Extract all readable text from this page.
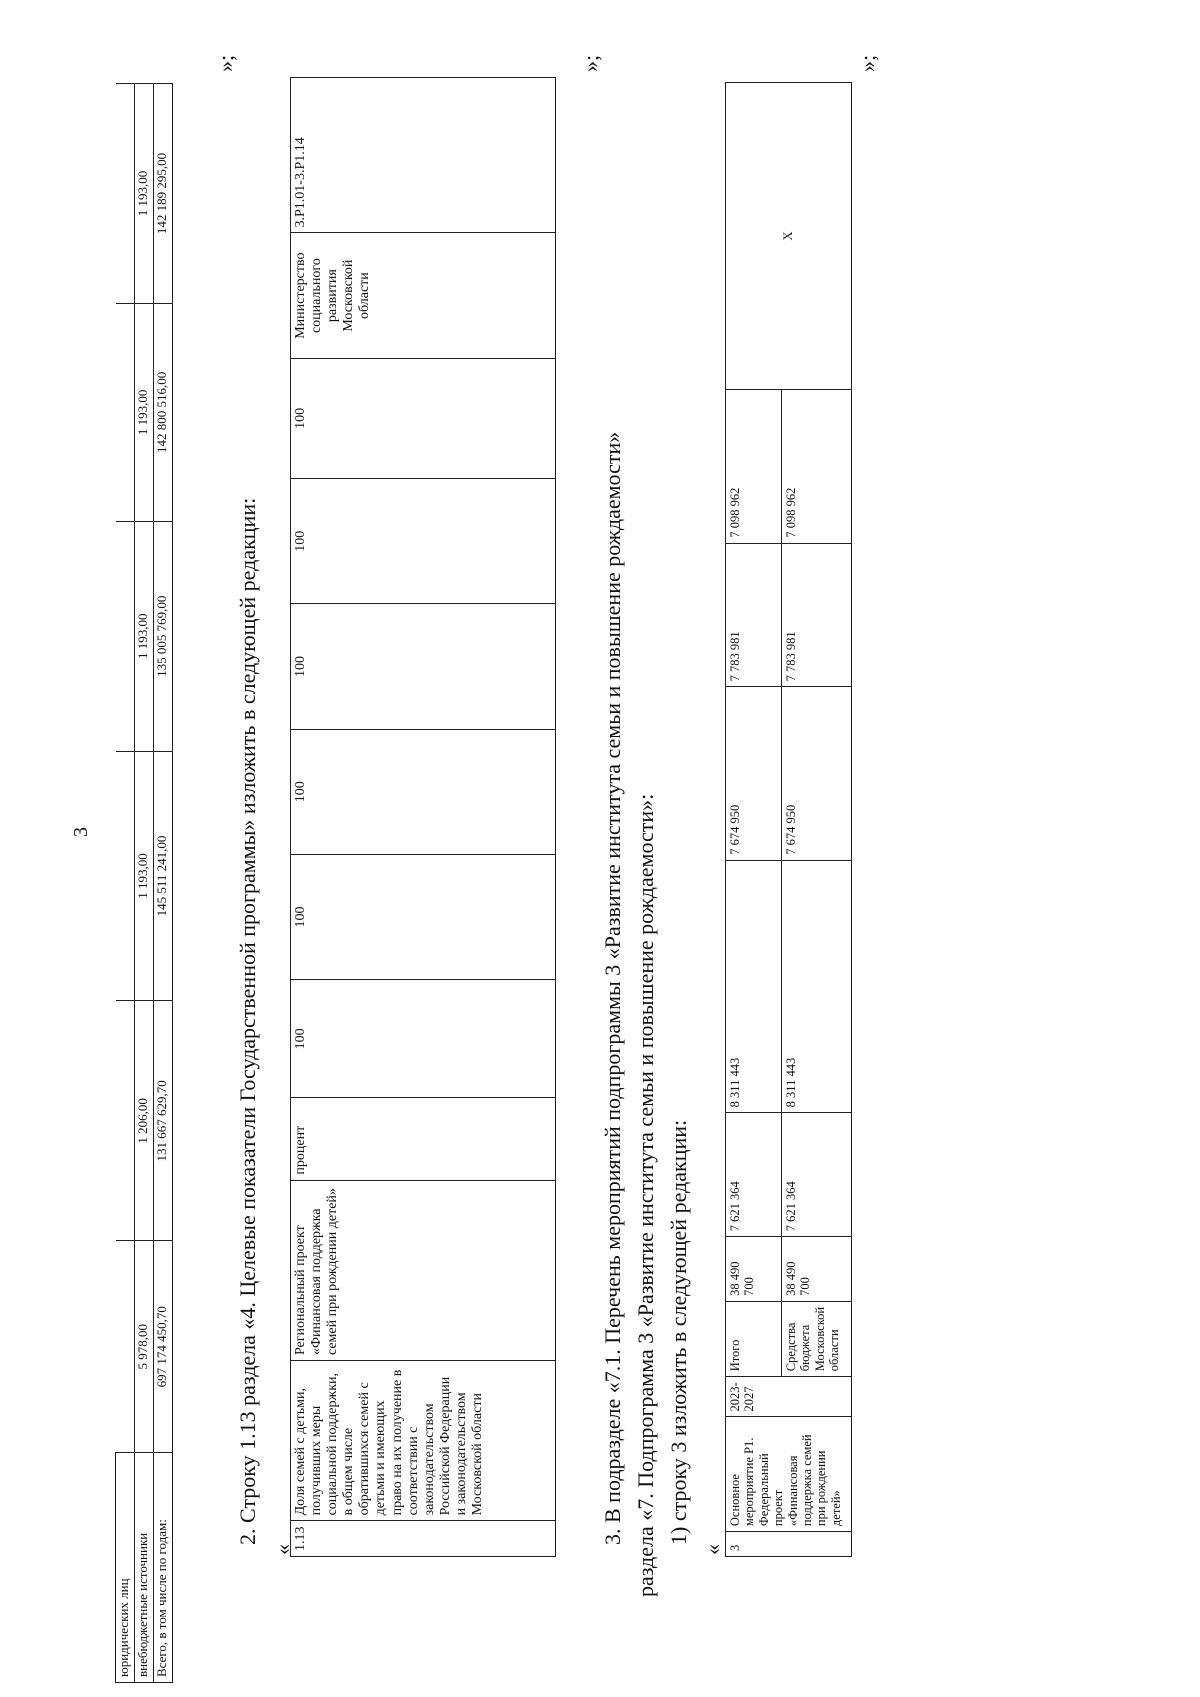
3
юридических лиц						
внебюджетные источники	5 978,00	1 206,00	1 193,00	1 193,00	1 193,00	1 193,00
Всего, в том числе по годам:	697 174 450,70	131 667 629,70	145 511 241,00	135 005 769,00	142 800 516,00	142 189 295,00
»;
2. Строку 1.13 раздела «4. Целевые показатели Государственной программы» изложить в следующей редакции:
«
1.13	Доля семей с детьми, получивших меры социальной поддержки, в общем числе обратившихся семей с детьми и имеющих право на их получение в соответствии с законодательством Российской Федерации и законодательством Московской области	Региональный проект «Финансовая поддержка семей при рождении детей»	процент	100	100	100	100	100	100	Министерство социального развития Московской области	3.Р1.01-3.Р1.14
»;
3. В подразделе «7.1. Перечень мероприятий подпрограммы 3 «Развитие института семьи и повышение рождаемости» раздела «7. Подпрограмма 3 «Развитие института семьи и повышение рождаемости»: 1) строку 3 изложить в следующей редакции:
« 3	Основное мероприятие Р1. Федеральный проект «Финансовая поддержка семей при рождении детей»	2023-2027	Итого	38 490 700	7 621 364	8 311 443	7 674 950	7 783 981	7 098 962	Х
			Средства бюджета Московской области	38 490 700	7 621 364	8 311 443	7 674 950	7 783 981	7 098 962	
»;
